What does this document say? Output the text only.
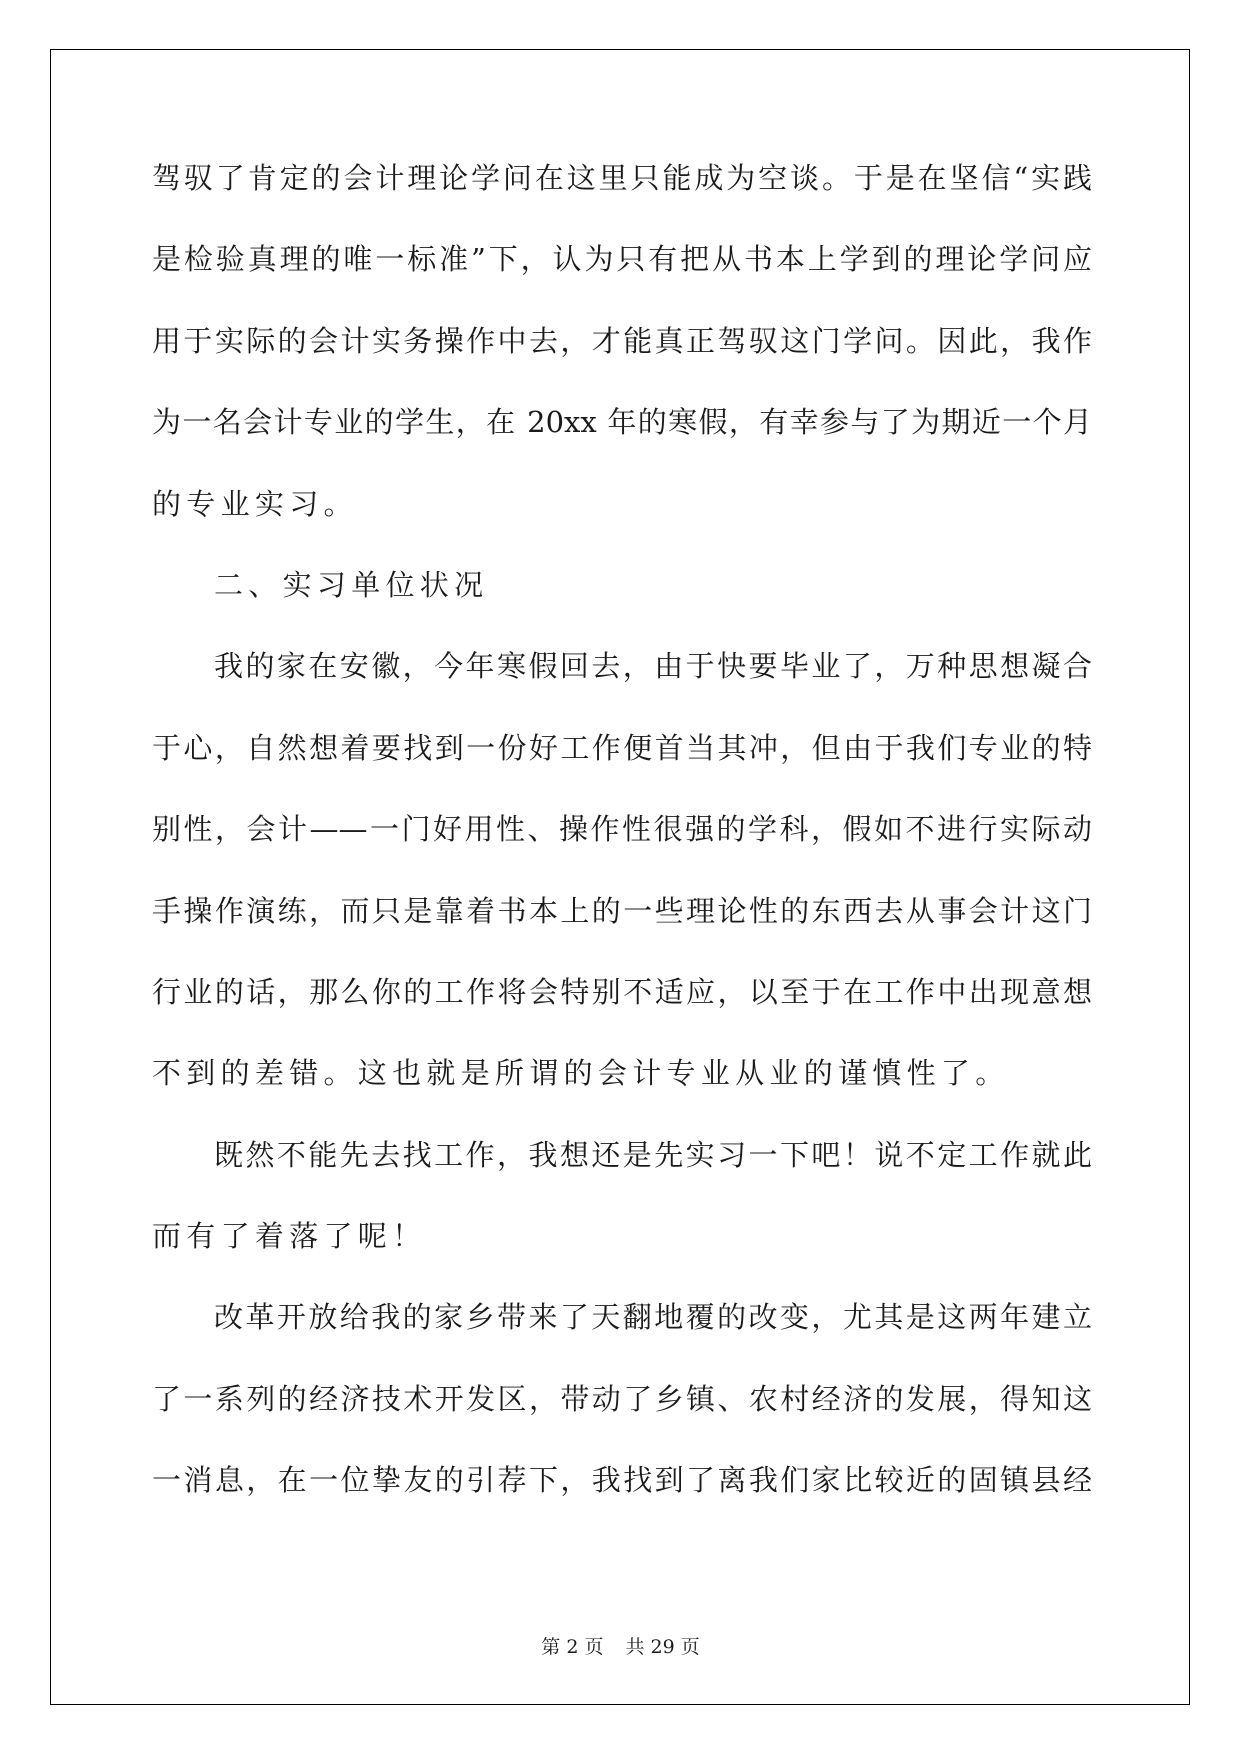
驾驭了肯定的会计理论学问在这里只能成为空谈。于是在坚信“实践
是检验真理的唯一标准”下，认为只有把从书本上学到的理论学问应
用于实际的会计实务操作中去，才能真正驾驭这门学问。因此，我作
为一名会计专业的学生，在 20xx 年的寒假，有幸参与了为期近一个月
的专业实习。
二、实习单位状况
我的家在安徽，今年寒假回去，由于快要毕业了，万种思想凝合
于心，自然想着要找到一份好工作便首当其冲，但由于我们专业的特
别性，会计——一门好用性、操作性很强的学科，假如不进行实际动
手操作演练，而只是靠着书本上的一些理论性的东西去从事会计这门
行业的话，那么你的工作将会特别不适应，以至于在工作中出现意想
不到的差错。这也就是所谓的会计专业从业的谨慎性了。
既然不能先去找工作，我想还是先实习一下吧！说不定工作就此
而有了着落了呢！
改革开放给我的家乡带来了天翻地覆的改变，尤其是这两年建立
了一系列的经济技术开发区，带动了乡镇、农村经济的发展，得知这
一消息，在一位挚友的引荐下，我找到了离我们家比较近的固镇县经
第 2 页 共 29 页
